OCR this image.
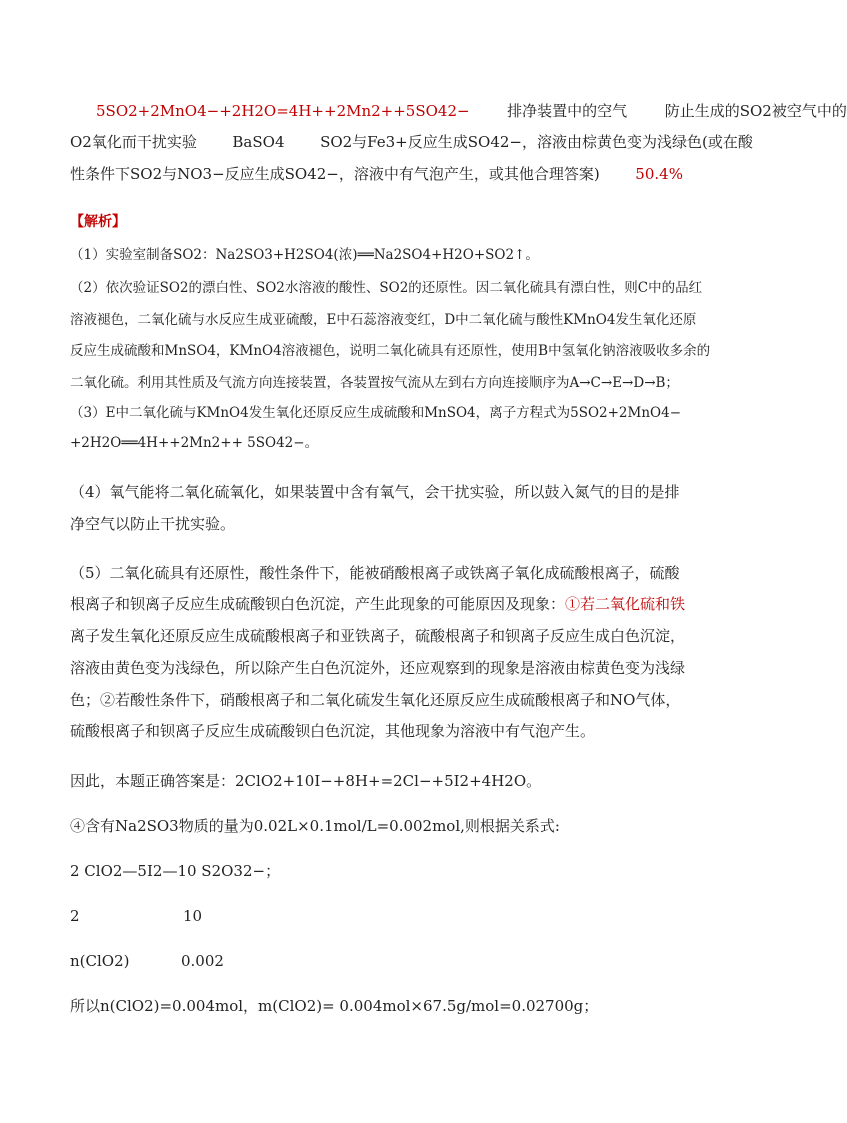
5SO2+2MnO4−+2H2O=4H++2Mn2++5SO42−	排净装置中的空气	防止生成的SO2被空气中的
O2氧化而干扰实验 BaSO4 SO2与Fe3+反应生成SO42−，溶液由棕黄色变为浅绿色(或在酸
性条件下SO2与NO3−反应生成SO42−，溶液中有气泡产生，或其他合理答案) 50.4%
【解析】
（1）实验室制备SO2：Na2SO3+H2SO4(浓)══Na2SO4+H2O+SO2↑。
（2）依次验证SO2的漂白性、SO2水溶液的酸性、SO2的还原性。因二氧化硫具有漂白性，则C中的品红
溶液褪色，二氧化硫与水反应生成亚硫酸，E中石蕊溶液变红，D中二氧化硫与酸性KMnO4发生氧化还原
反应生成硫酸和MnSO4，KMnO4溶液褪色，说明二氧化硫具有还原性，使用B中氢氧化钠溶液吸收多余的
二氧化硫。利用其性质及气流方向连接装置，各装置按气流从左到右方向连接顺序为A→C→E→D→B；
（3）E中二氧化硫与KMnO4发生氧化还原反应生成硫酸和MnSO4，离子方程式为5SO2+2MnO4−
+2H2O══4H++2Mn2++ 5SO42−。
（4）氧气能将二氧化硫氧化，如果装置中含有氧气，会干扰实验，所以鼓入氮气的目的是排
净空气以防止干扰实验。
（5）二氧化硫具有还原性，酸性条件下，能被硝酸根离子或铁离子氧化成硫酸根离子，硫酸
根离子和钡离子反应生成硫酸钡白色沉淀，产生此现象的可能原因及现象：①若二氧化硫和铁
离子发生氧化还原反应生成硫酸根离子和亚铁离子，硫酸根离子和钡离子反应生成白色沉淀，
溶液由黄色变为浅绿色，所以除产生白色沉淀外，还应观察到的现象是溶液由棕黄色变为浅绿
色；②若酸性条件下，硝酸根离子和二氧化硫发生氧化还原反应生成硫酸根离子和NO气体，
硫酸根离子和钡离子反应生成硫酸钡白色沉淀，其他现象为溶液中有气泡产生。
因此，本题正确答案是：2ClO2+10I−+8H+=2Cl−+5I2+4H2O。
④含有Na2SO3物质的量为0.02L×0.1mol/L=0.002mol,则根据关系式:
2 ClO2—5I2—10 S2O32−；
2	10
n(ClO2)	0.002
所以n(ClO2)=0.004mol，m(ClO2)= 0.004mol×67.5g/mol=0.02700g；
